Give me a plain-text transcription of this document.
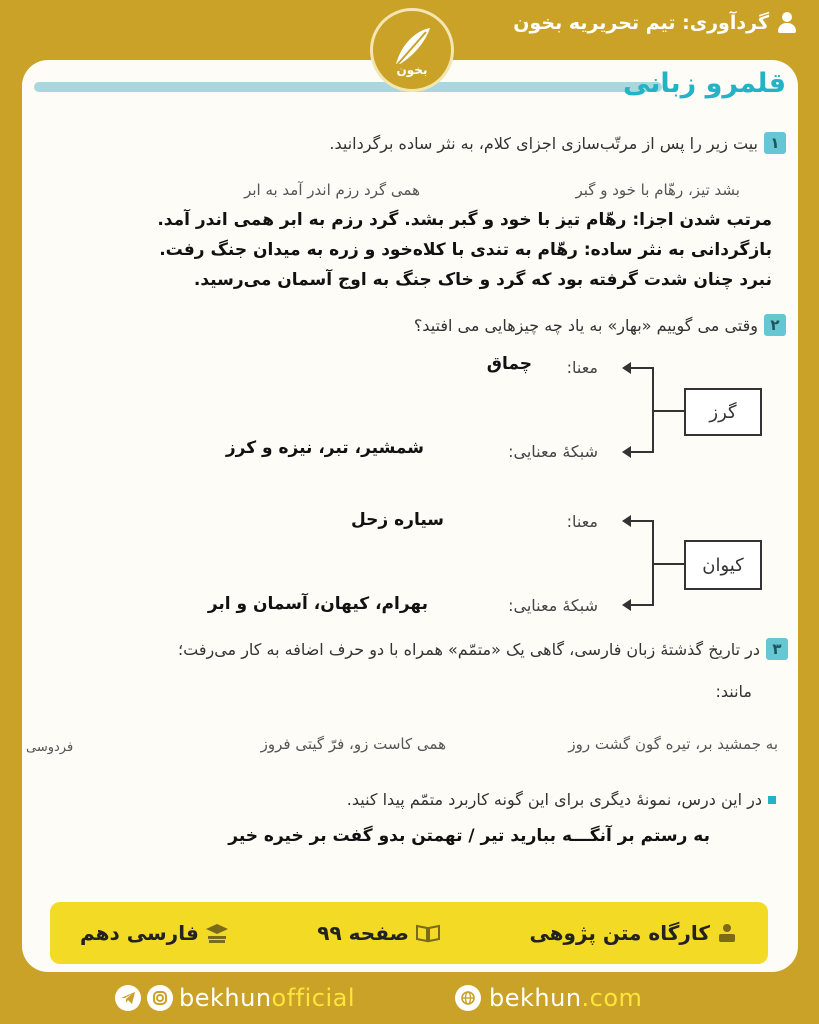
گردآوری: تیم تحریریه بخون
بخون	قلمرو زبانی
۱
بیت زیر را پس از مرتّب‌سازی اجزای کلام، به نثر ساده برگردانید.
بشد تیز، رهّام با خود و گبر
همی گرد رزم اندر آمد به ابر
مرتب شدن اجزا: رهّام تیز با خود و گبر بشد. گرد رزم به ابر همی اندر آمد.
بازگردانی به نثر ساده: رهّام به تندی با کلاه‌خود و زره به میدان جنگ رفت.
نبرد چنان شدت گرفته بود که گرد و خاک جنگ به اوج آسمان می‌رسید.
۲
وقتی می گوییم «بهار» به یاد چه چیزهایی می افتید؟
گرز
معنا:
چماق
شبکهٔ معنایی:
شمشیر، تبر، نیزه و کرز
کیوان
معنا:
سیاره زحل
شبکهٔ معنایی:
بهرام، کیهان، آسمان و ابر
۳
در تاریخ گذشتهٔ زبان فارسی، گاهی یک «متمّم» همراه با دو حرف اضافه به کار می‌رفت؛
مانند:
به جمشید بر، تیره گون گشت روز
همی کاست زو، فرّ گیتی فروز
فردوسی
در این درس، نمونهٔ دیگری برای این گونه کاربرد متمّم پیدا کنید.
به رستم بر آنگـــه ببارید تیر / تهمتن بدو گفت بر خیره خیر
کارگاه متن پژوهی
صفحه ۹۹
فارسی دهم
bekhunofficial	bekhun.com
